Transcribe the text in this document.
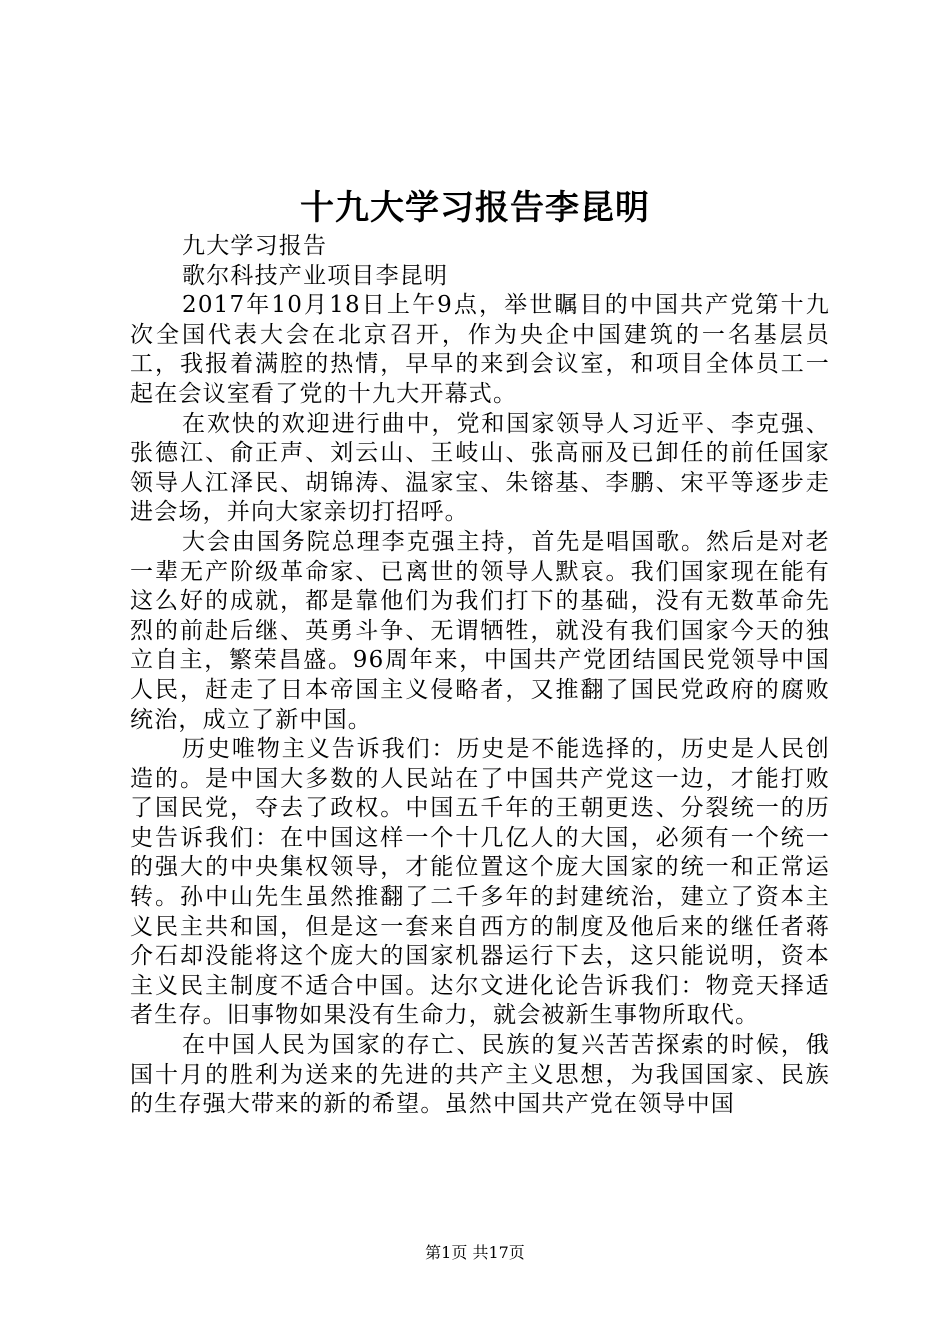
十九大学习报告李昆明

九大学习报告

歌尔科技产业项目李昆明

2017年10月18日上午9点，举世瞩目的中国共产党第十九次全国代表大会在北京召开，作为央企中国建筑的一名基层员工，我报着满腔的热情，早早的来到会议室，和项目全体员工一起在会议室看了党的十九大开幕式。

在欢快的欢迎进行曲中，党和国家领导人习近平、李克强、张德江、俞正声、刘云山、王岐山、张高丽及已卸任的前任国家领导人江泽民、胡锦涛、温家宝、朱镕基、李鹏、宋平等逐步走进会场，并向大家亲切打招呼。

大会由国务院总理李克强主持，首先是唱国歌。然后是对老一辈无产阶级革命家、已离世的领导人默哀。我们国家现在能有这么好的成就，都是靠他们为我们打下的基础，没有无数革命先烈的前赴后继、英勇斗争、无谓牺牲，就没有我们国家今天的独立自主，繁荣昌盛。96周年来，中国共产党团结国民党领导中国人民，赶走了日本帝国主义侵略者，又推翻了国民党政府的腐败统治，成立了新中国。

历史唯物主义告诉我们：历史是不能选择的，历史是人民创造的。是中国大多数的人民站在了中国共产党这一边，才能打败了国民党，夺去了政权。中国五千年的王朝更迭、分裂统一的历史告诉我们：在中国这样一个十几亿人的大国，必须有一个统一的强大的中央集权领导，才能位置这个庞大国家的统一和正常运转。孙中山先生虽然推翻了二千多年的封建统治，建立了资本主义民主共和国，但是这一套来自西方的制度及他后来的继任者蒋介石却没能将这个庞大的国家机器运行下去，这只能说明，资本主义民主制度不适合中国。达尔文进化论告诉我们：物竞天择适者生存。旧事物如果没有生命力，就会被新生事物所取代。

在中国人民为国家的存亡、民族的复兴苦苦探索的时候，俄国十月的胜利为送来的先进的共产主义思想，为我国国家、民族的生存强大带来的新的希望。虽然中国共产党在领导中国

第1页 共17页
